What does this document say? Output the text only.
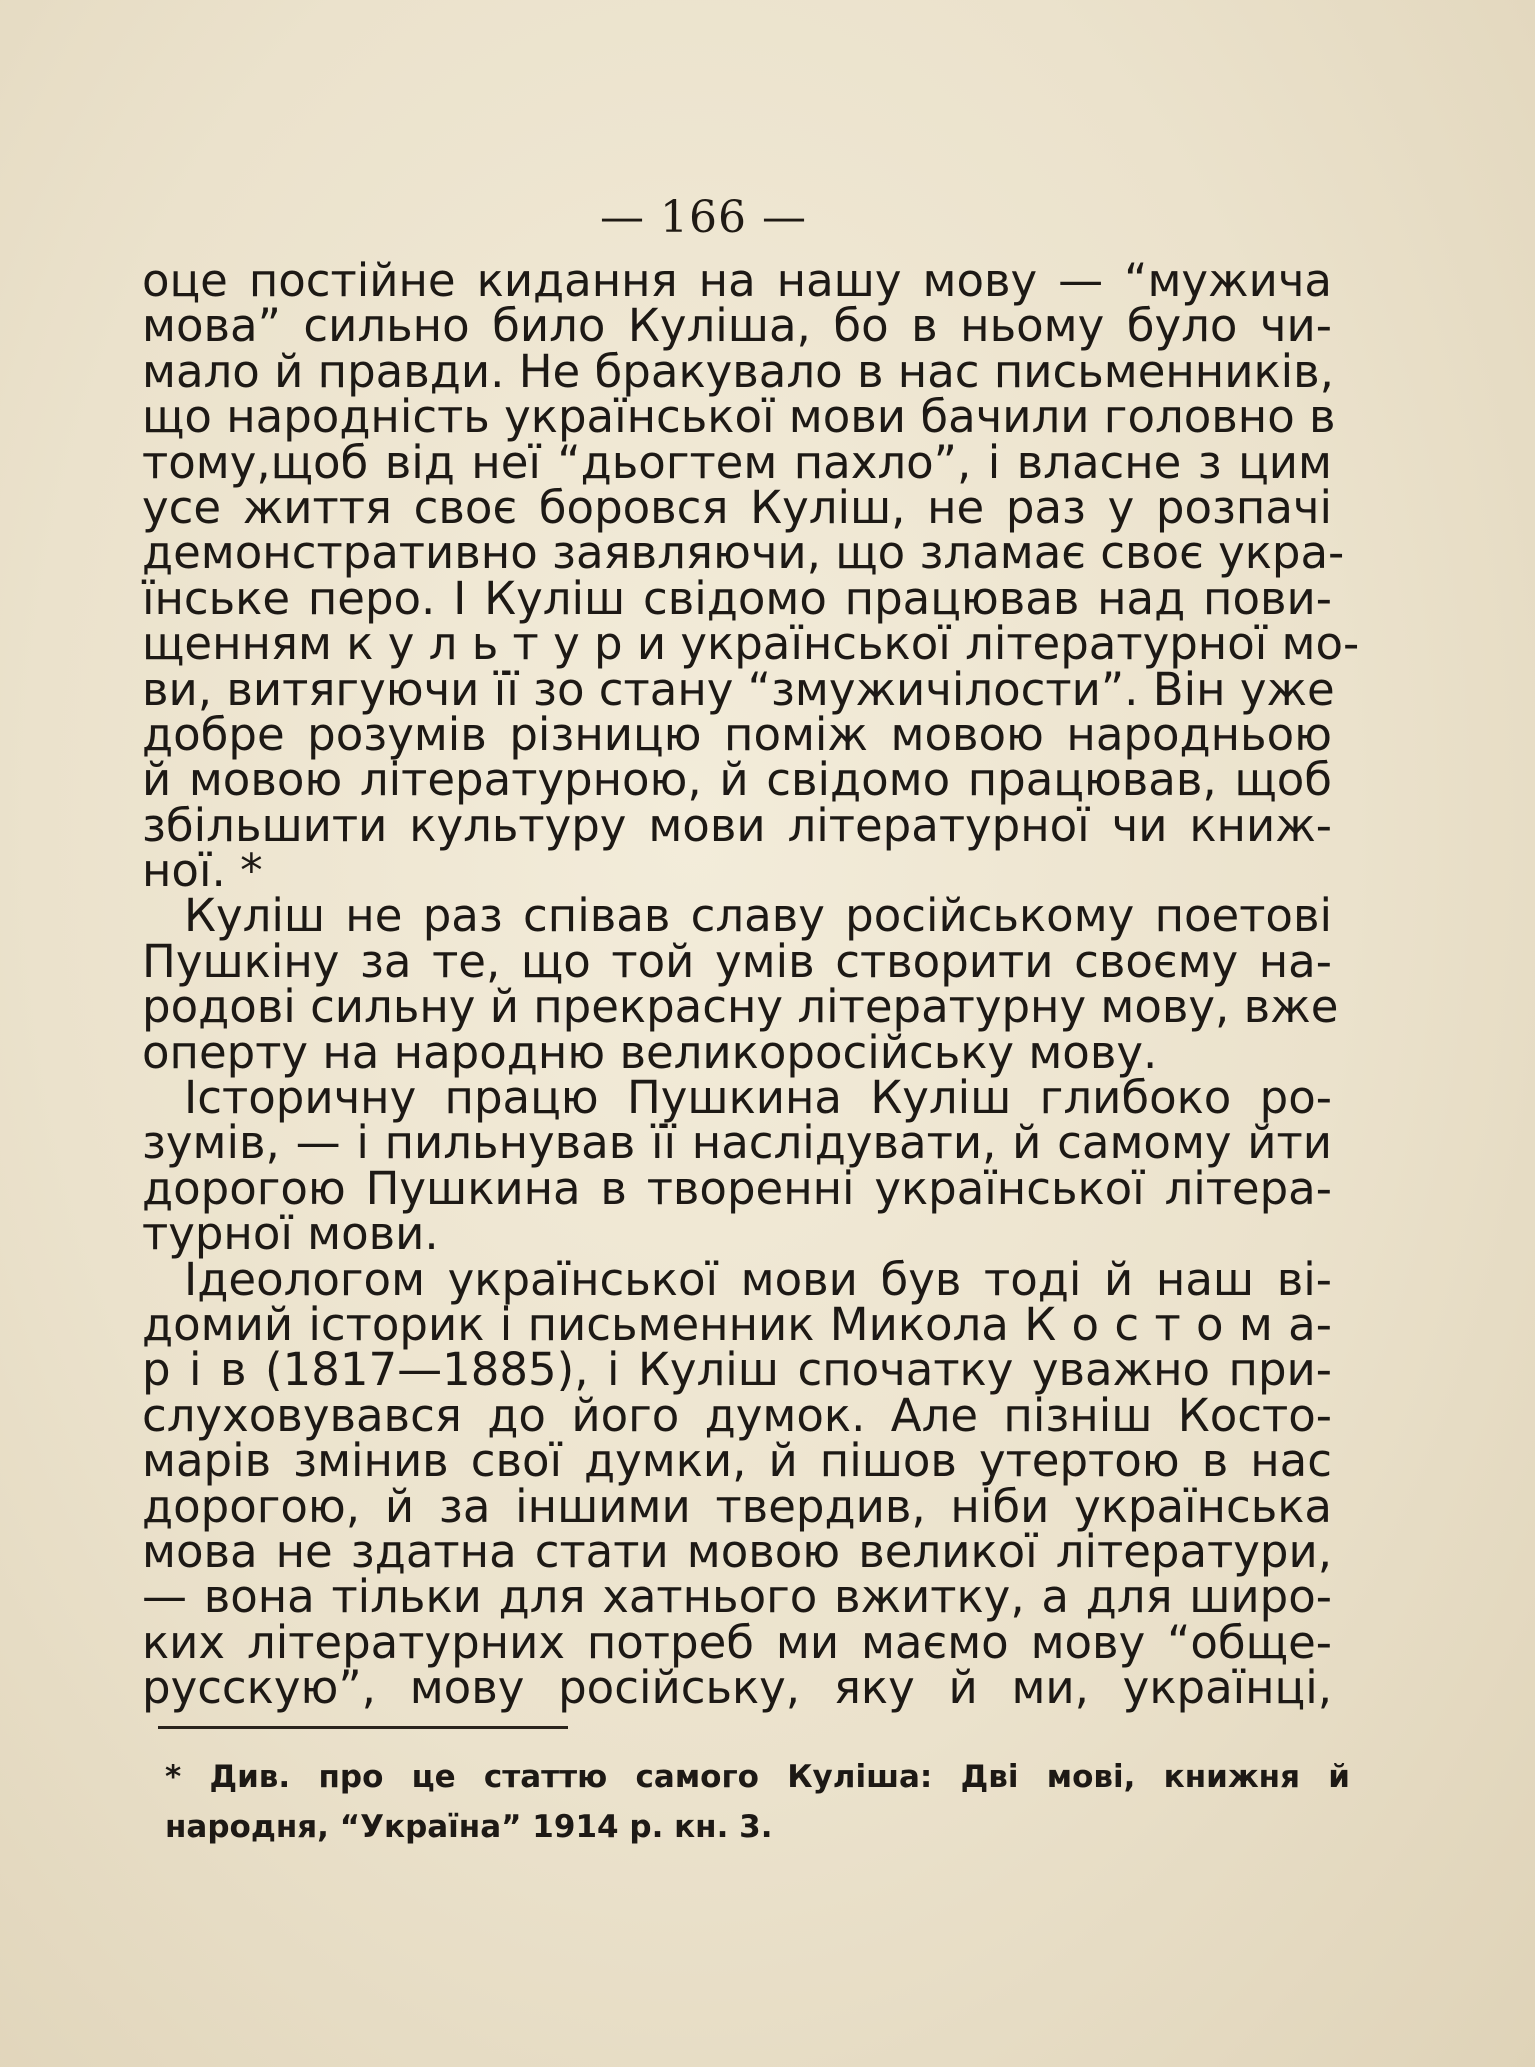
— 166 —
оце постійне кидання на нашу мову — “мужича
мова” сильно било Куліша, бо в ньому було чи-
мало й правди. Не бракувало в нас письменників,
що народність української мови бачили головно в
тому,щоб від неї “дьогтем пахло”, і власне з цим
усе життя своє боровся Куліш, не раз у розпачі
демонстративно заявляючи, що зламає своє укра-
їнське перо. І Куліш свідомо працював над пови-
щенням к у л ь т у р и української літературної мо-
ви, витягуючи її зо стану “змужичілости”. Він уже
добре розумів різницю поміж мовою народньою
й мовою літературною, й свідомо працював, щоб
збільшити культуру мови літературної чи книж-
ної. *
Куліш не раз співав славу російському поетові
Пушкіну за те, що той умів створити своєму на-
родові сильну й прекрасну літературну мову, вже
оперту на народню великоросійську мову.
Історичну працю Пушкина Куліш глибоко ро-
зумів, — і пильнував її наслідувати, й самому йти
дорогою Пушкина в творенні української літера-
турної мови.
Ідеологом української мови був тоді й наш ві-
домий історик і письменник Микола К о с т о м а-
р і в (1817—1885), і Куліш спочатку уважно при-
слуховувався до його думок. Але пізніш Косто-
марів змінив свої думки, й пішов утертою в нас
дорогою, й за іншими твердив, ніби українська
мова не здатна стати мовою великої літератури,
— вона тільки для хатнього вжитку, а для широ-
ких літературних потреб ми маємо мову “обще-
русскую”, мову російську, яку й ми, українці,
* Див. про це статтю самого Куліша: Дві мові, книжня й
народня, “Україна” 1914 р. кн. 3.
